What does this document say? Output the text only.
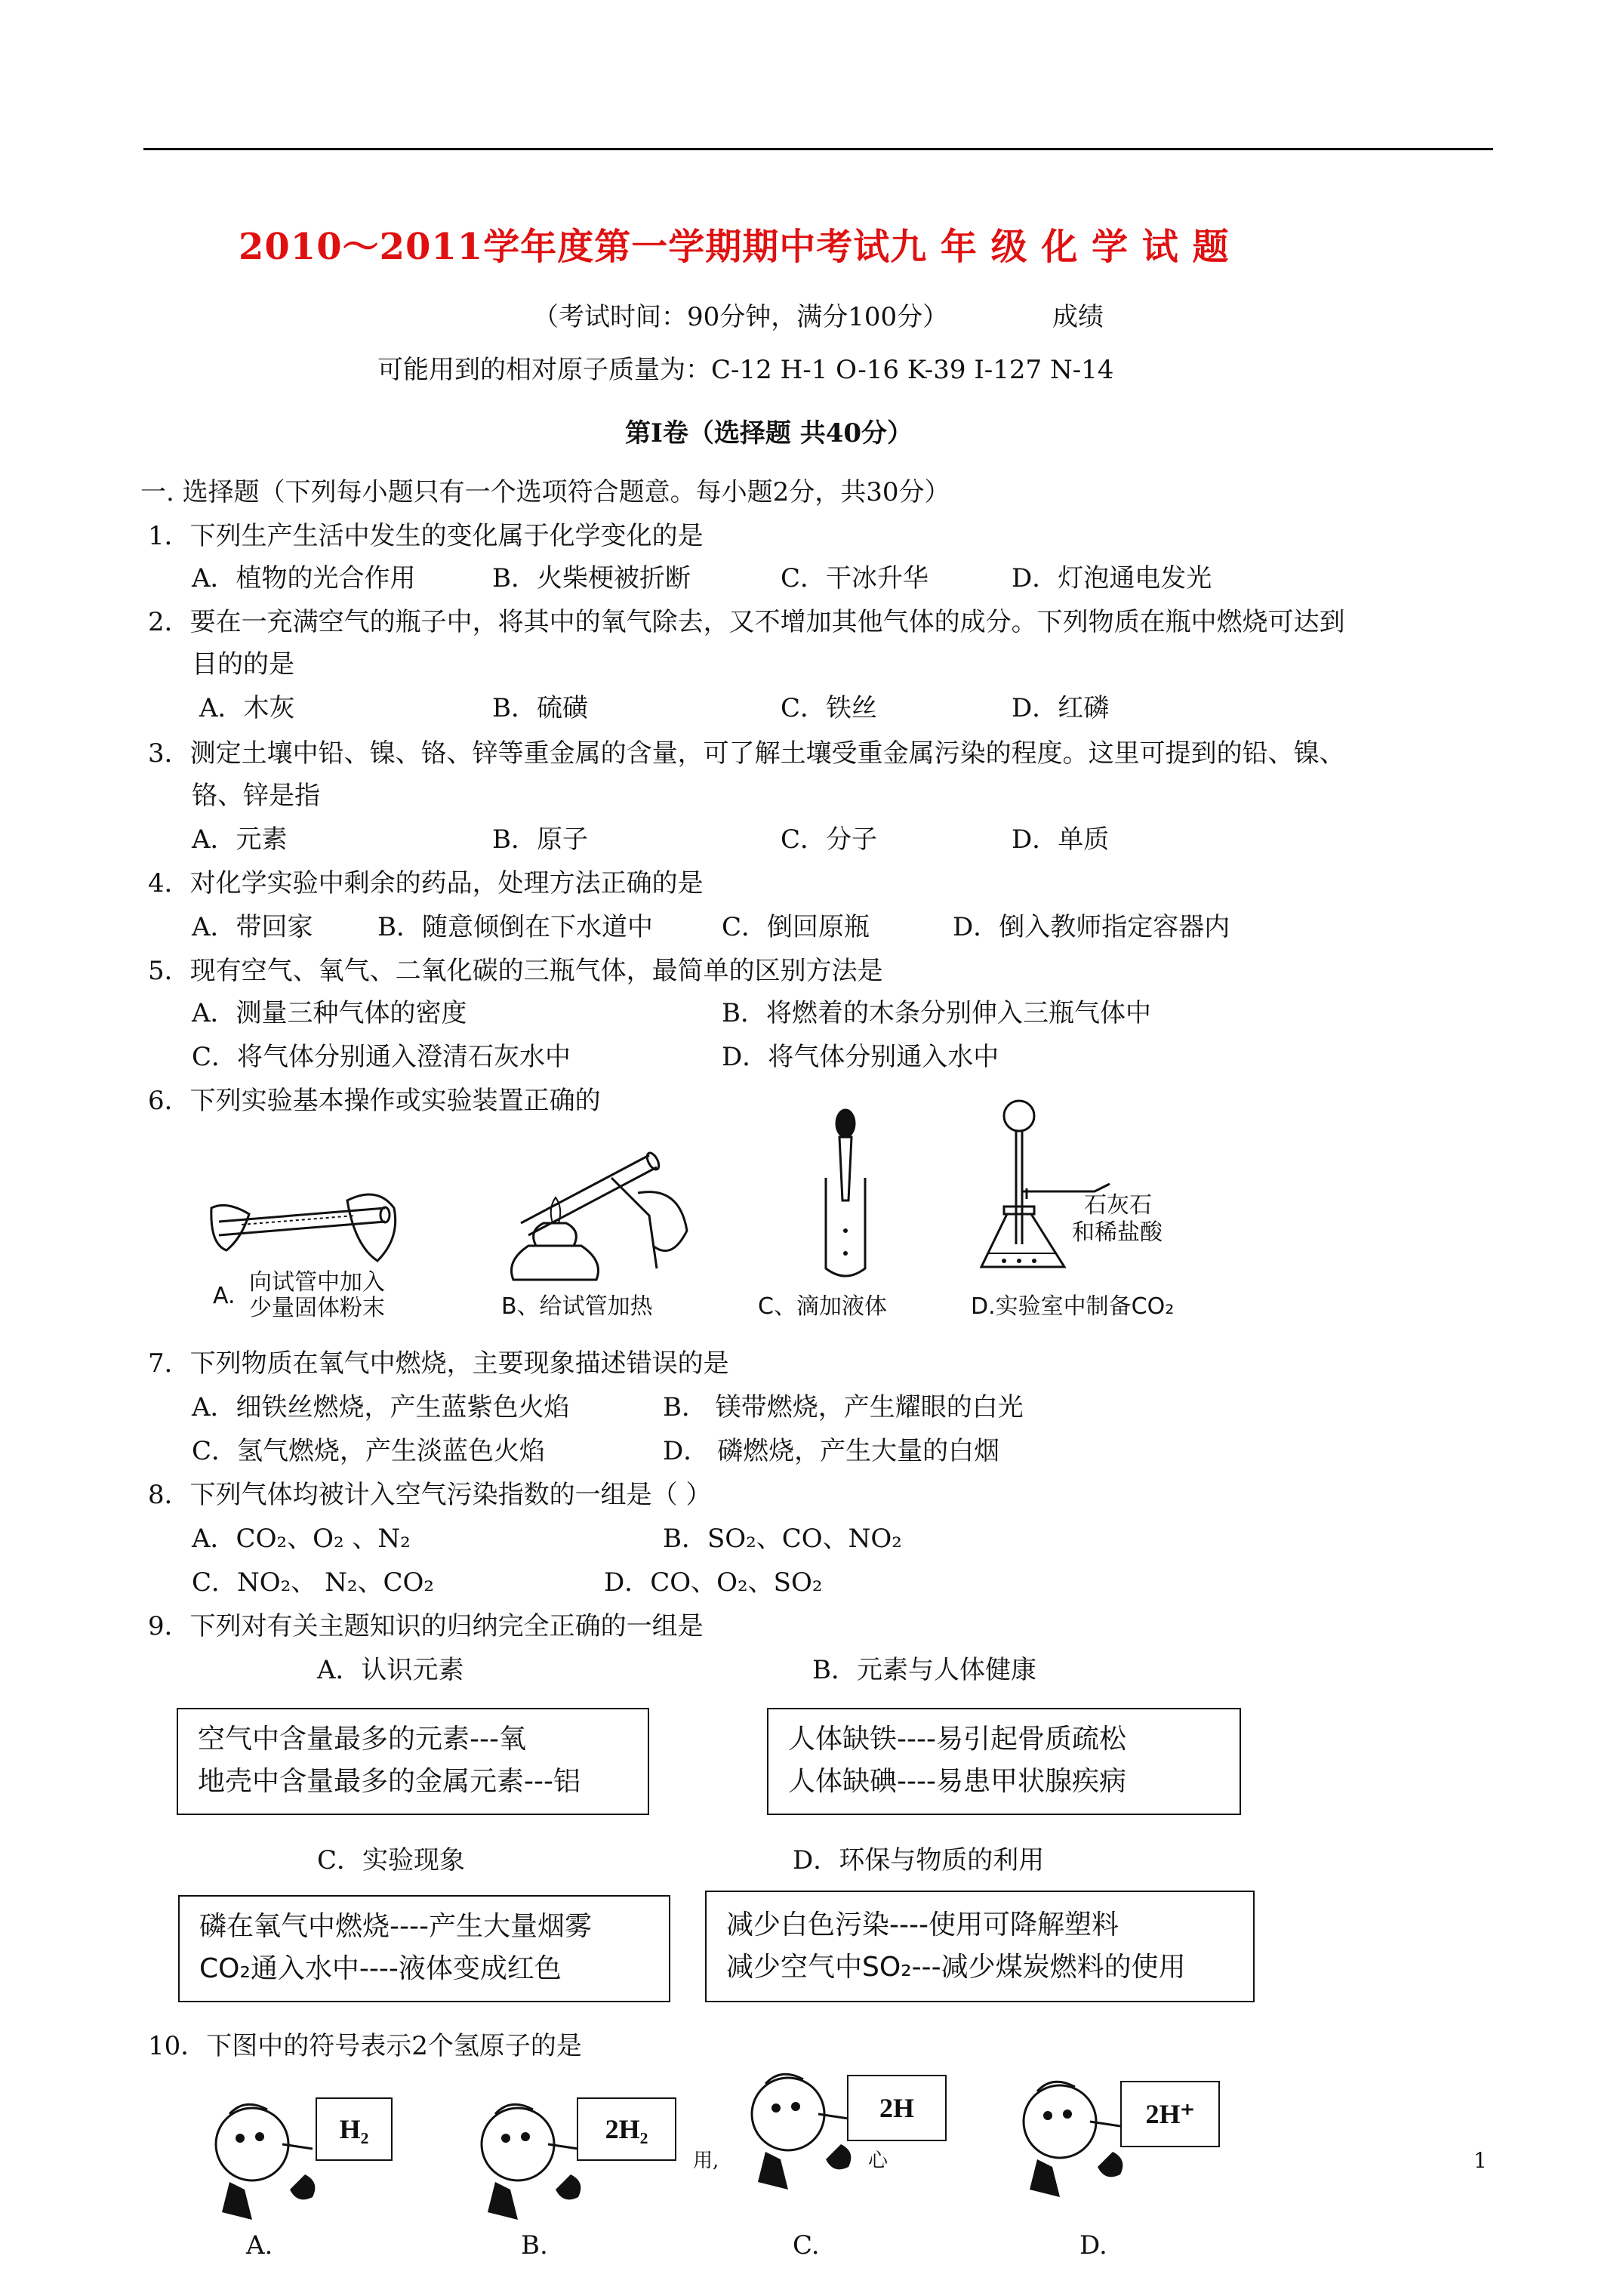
2010～2011学年度第一学期期中考试九 年 级 化 学 试 题
（考试时间：90分钟，满分100分）	成绩
可能用到的相对原子质量为：C-12 H-1 O-16 K-39 I-127 N-14
第Ⅰ卷（选择题 共40分）
一. 选择题（下列每小题只有一个选项符合题意。每小题2分，共30分）
1．下列生产生活中发生的变化属于化学变化的是
A．植物的光合作用	B．火柴梗被折断	C．干冰升华	D．灯泡通电发光
2．要在一充满空气的瓶子中，将其中的氧气除去，又不增加其他气体的成分。下列物质在瓶中燃烧可达到
目的的是
A．木灰	B．硫磺	C．铁丝	D．红磷
3．测定土壤中铅、镍、铬、锌等重金属的含量，可了解土壤受重金属污染的程度。这里可提到的铅、镍、
铬、锌是指
A．元素	B．原子	C．分子	D．单质
4．对化学实验中剩余的药品，处理方法正确的是
A．带回家	B．随意倾倒在下水道中	C．倒回原瓶	D．倒入教师指定容器内
5．现有空气、氧气、二氧化碳的三瓶气体，最简单的区别方法是
A．测量三种气体的密度	B．将燃着的木条分别伸入三瓶气体中
C．将气体分别通入澄清石灰水中	D．将气体分别通入水中
6．下列实验基本操作或实验装置正确的
A.
向试管中加入
少量固体粉末	B、给试管加热	C、滴加液体
石灰石
和稀盐酸
D.实验室中制备CO₂
7．下列物质在氧气中燃烧，主要现象描述错误的是
A．细铁丝燃烧，产生蓝紫色火焰	B． 镁带燃烧，产生耀眼的白光
C．氢气燃烧，产生淡蓝色火焰	D． 磷燃烧，产生大量的白烟
8．下列气体均被计入空气污染指数的一组是（ ）
A．CO₂、O₂ 、N₂	B．SO₂、CO、NO₂
C．NO₂、 N₂、CO₂	D．CO、O₂、SO₂
9．下列对有关主题知识的归纳完全正确的一组是
A．认识元素	B．元素与人体健康
空气中含量最多的元素---氧
地壳中含量最多的金属元素---铝
人体缺铁----易引起骨质疏松
人体缺碘----易患甲状腺疾病
C．实验现象	D．环保与物质的利用
磷在氧气中燃烧----产生大量烟雾
CO₂通入水中----液体变成红色
减少白色污染----使用可降解塑料
减少空气中SO₂---减少煤炭燃料的使用
10．下图中的符号表示2个氢原子的是
H₂	2H₂
2H	2H⁺
用,	心	1
A.	B.	C.	D.
